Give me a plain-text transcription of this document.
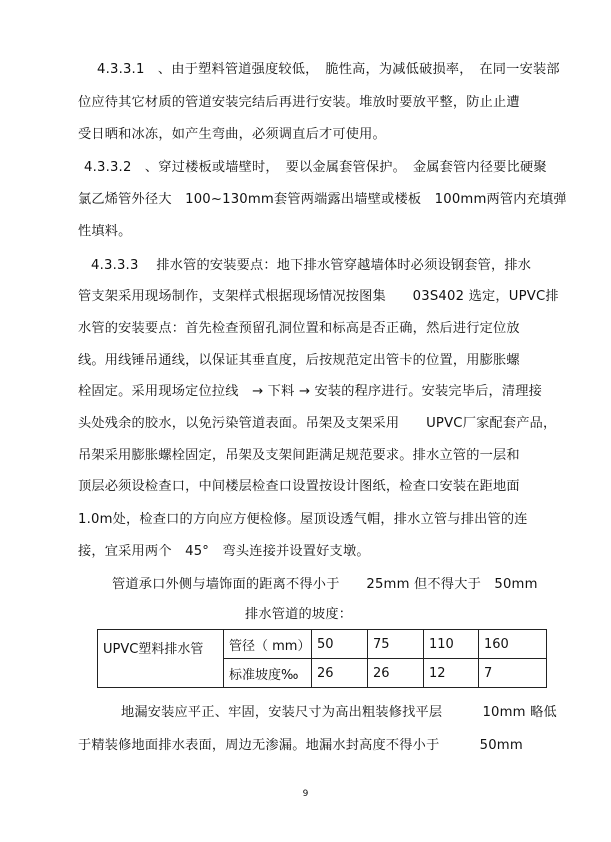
4.3.3.1　、由于塑料管道强度较低，　脆性高，为减低破损率，　在同一安装部
位应待其它材质的管道安装完结后再进行安装。堆放时要放平整，防止止遭
受日晒和冰冻，如产生弯曲，必须调直后才可使用。
4.3.3.2　、穿过楼板或墙壁时，　要以金属套管保护。　金属套管内径要比硬聚
氯乙烯管外径大　100~130mm套管两端露出墙壁或楼板　100mm两管内充填弹
性填料。
4.3.3.3　 排水管的安装要点：地下排水管穿越墙体时必须设钢套管，排水
管支架采用现场制作，支架样式根据现场情况按图集　　03S402 选定，UPVC排
水管的安装要点：首先检查预留孔洞位置和标高是否正确，然后进行定位放
线。用线锤吊通线，以保证其垂直度，后按规范定出管卡的位置，用膨胀螺
栓固定。采用现场定位拉线　→ 下料 → 安装的程序进行。安装完毕后，清理接
头处残余的胶水，以免污染管道表面。吊架及支架采用　　UPVC厂家配套产品，
吊架采用膨胀螺栓固定，吊架及支架间距满足规范要求。排水立管的一层和
顶层必须设检查口，中间楼层检查口设置按设计图纸，检查口安装在距地面
1.0m处，检查口的方向应方便检修。屋顶设透气帽，排水立管与排出管的连
接，宜采用两个　45°　弯头连接并设置好支墩。
管道承口外侧与墙饰面的距离不得小于　　25mm 但不得大于　50mm
排水管道的坡度：
UPVC塑料排水管	管径（ mm）	50	75	110	160
	标准坡度‰	26	26	12	7
地漏安装应平正、牢固，安装尺寸为高出粗装修找平层　　　10mm 略低
于精装修地面排水表面，周边无渗漏。地漏水封高度不得小于　　　50mm
9
